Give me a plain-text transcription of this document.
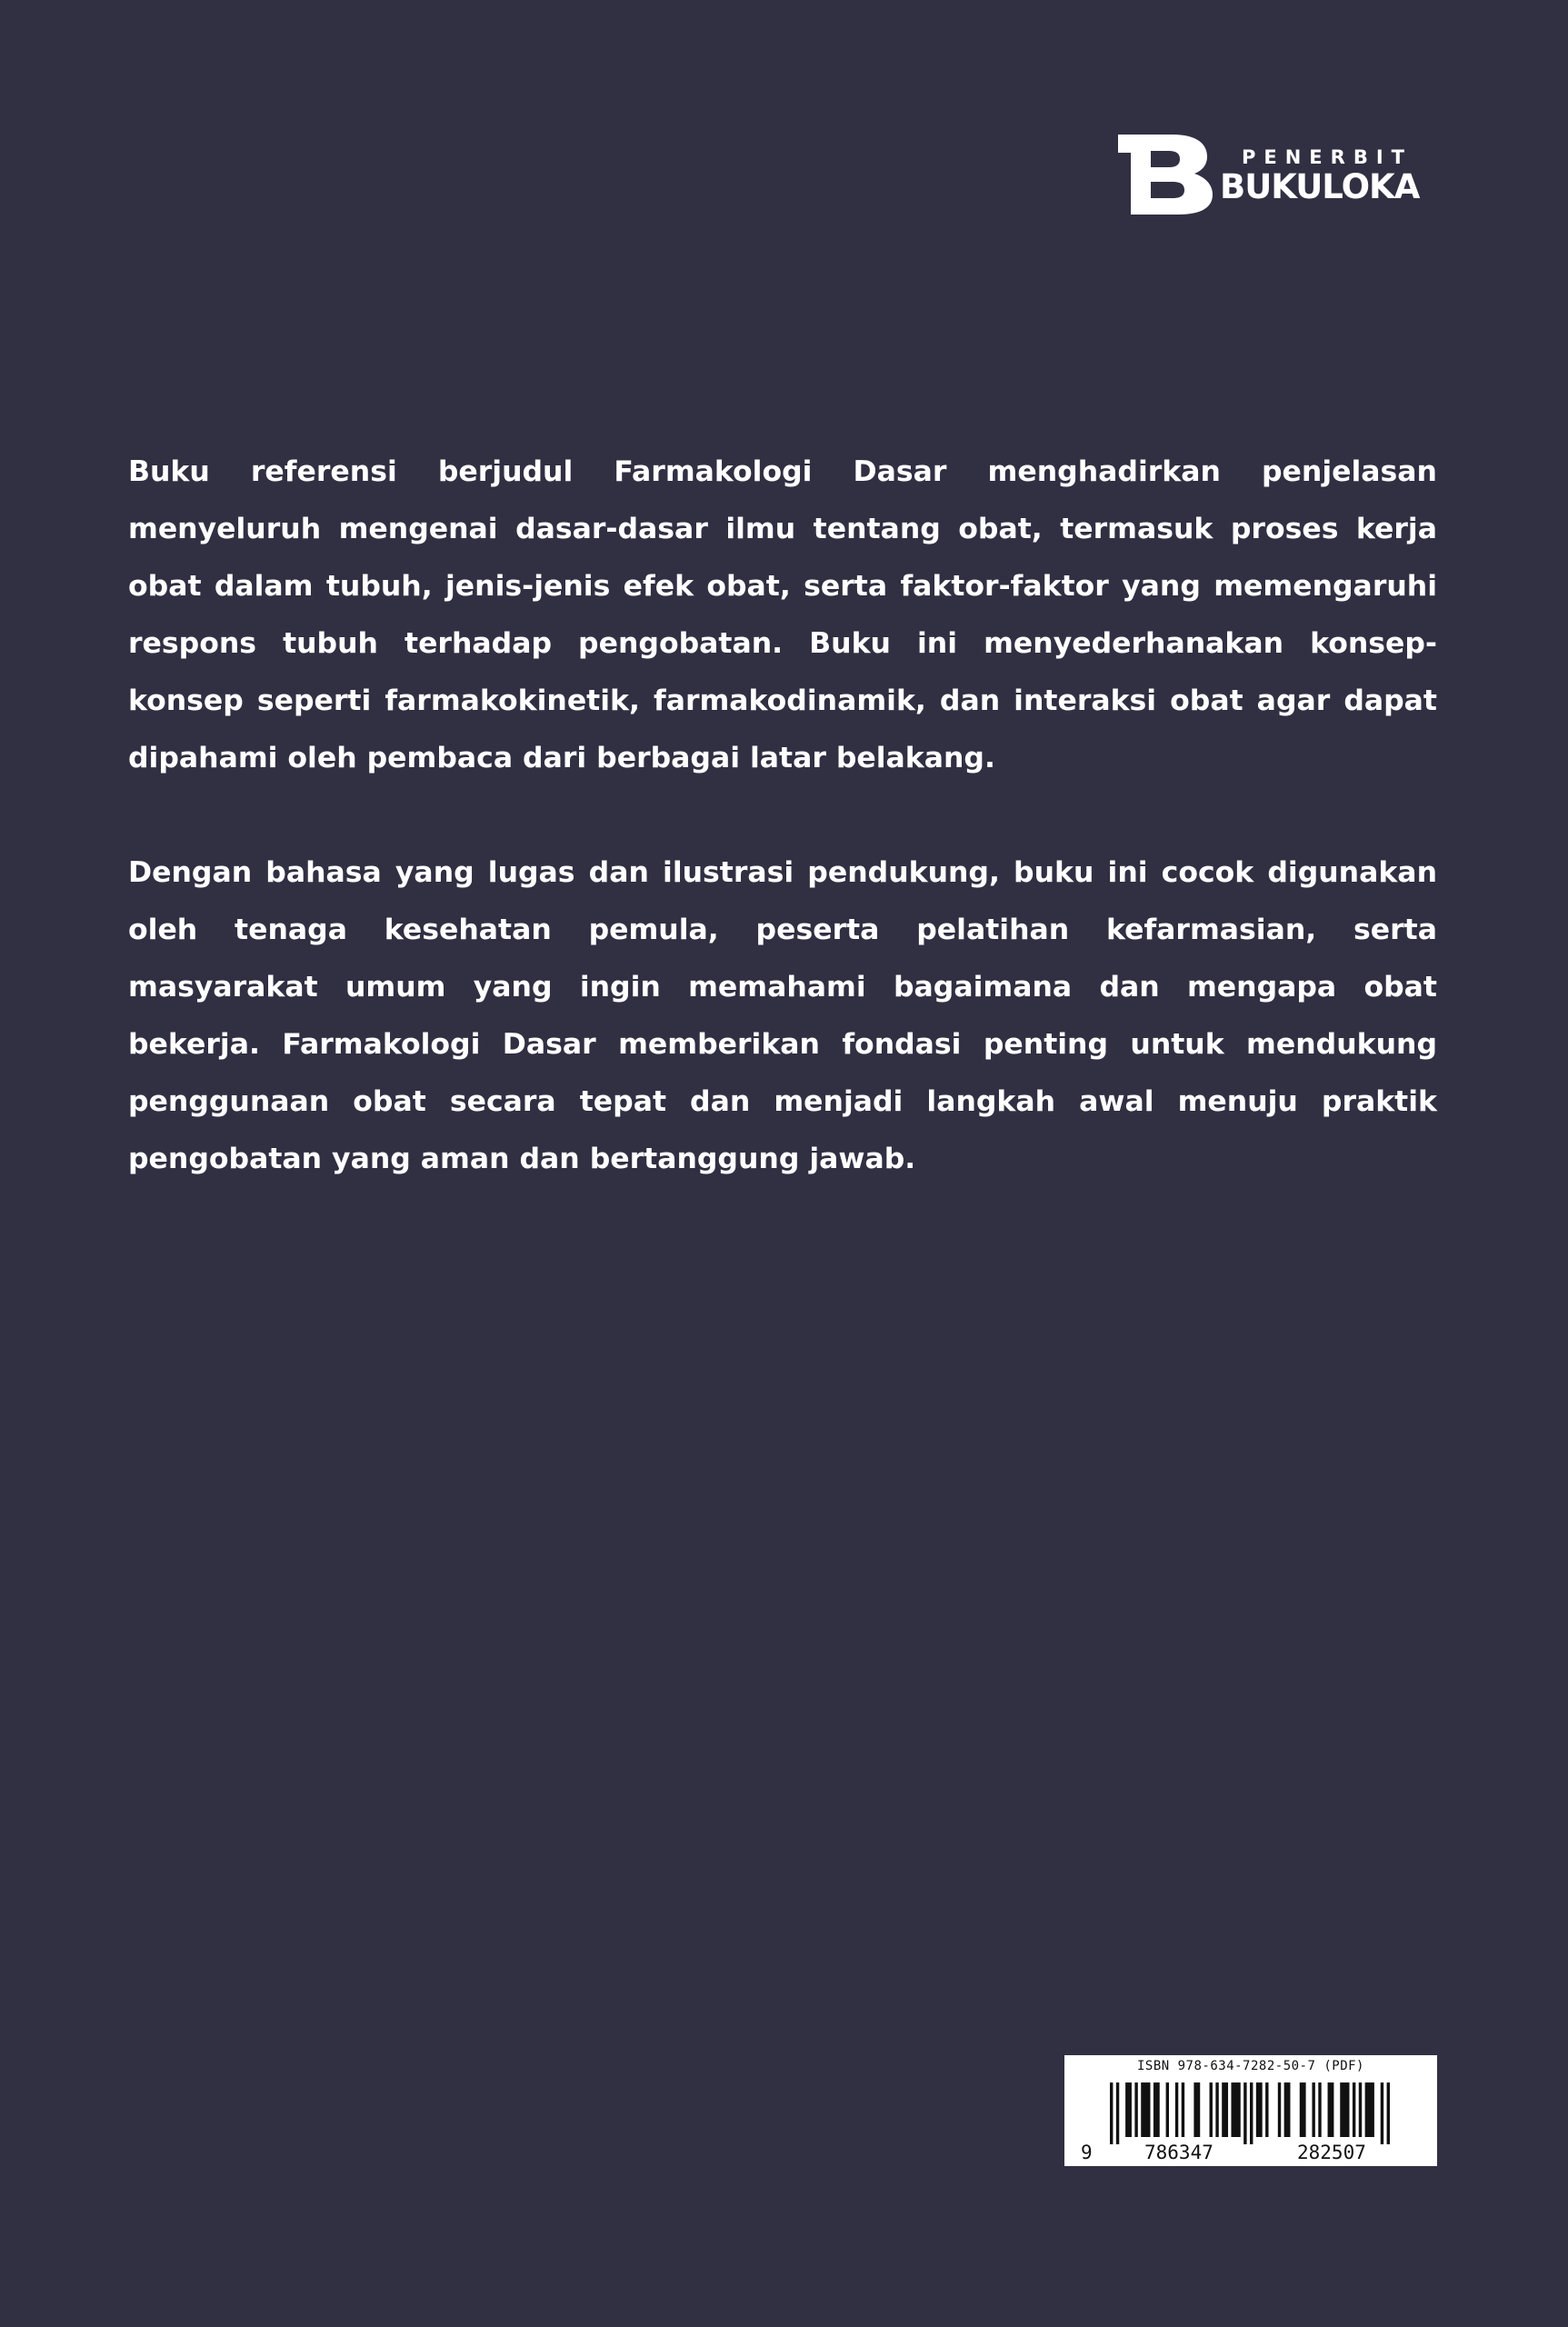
PENERBIT
BUKULOKA

Buku referensi berjudul Farmakologi Dasar menghadirkan penjelasan menyeluruh mengenai dasar-dasar ilmu tentang obat, termasuk proses kerja obat dalam tubuh, jenis-jenis efek obat, serta faktor-faktor yang memengaruhi respons tubuh terhadap pengobatan. Buku ini menyederhanakan konsep-konsep seperti farmakokinetik, farmakodinamik, dan interaksi obat agar dapat dipahami oleh pembaca dari berbagai latar belakang.

Dengan bahasa yang lugas dan ilustrasi pendukung, buku ini cocok digunakan oleh tenaga kesehatan pemula, peserta pelatihan kefarmasian, serta masyarakat umum yang ingin memahami bagaimana dan mengapa obat bekerja. Farmakologi Dasar memberikan fondasi penting untuk mendukung penggunaan obat secara tepat dan menjadi langkah awal menuju praktik pengobatan yang aman dan bertanggung jawab.

ISBN 978-634-7282-50-7 (PDF)
9	786347	282507
